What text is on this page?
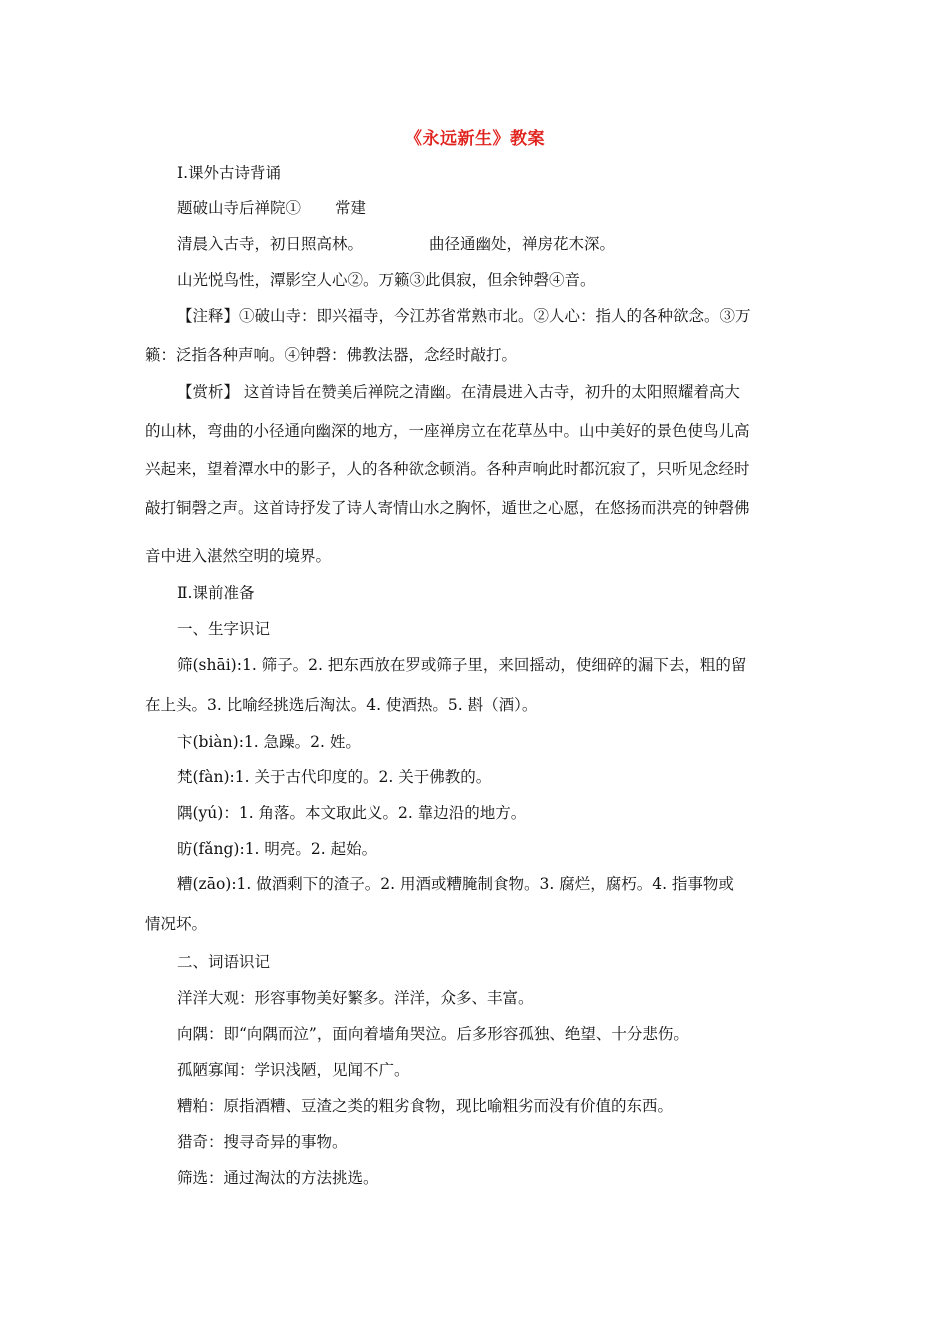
《永远新生》教案
Ⅰ.课外古诗背诵
题破山寺后禅院① 常建
清晨入古寺，初日照高林。	曲径通幽处，禅房花木深。
山光悦鸟性，潭影空人心②。万籁③此俱寂，但余钟磬④音。
【注释】①破山寺：即兴福寺，今江苏省常熟市北。②人心：指人的各种欲念。③万
籁：泛指各种声响。④钟磬：佛教法器，念经时敲打。
【赏析】 这首诗旨在赞美后禅院之清幽。在清晨进入古寺，初升的太阳照耀着高大
的山林，弯曲的小径通向幽深的地方，一座禅房立在花草丛中。山中美好的景色使鸟儿高
兴起来，望着潭水中的影子，人的各种欲念顿消。各种声响此时都沉寂了，只听见念经时
敲打铜磬之声。这首诗抒发了诗人寄情山水之胸怀，遁世之心愿，在悠扬而洪亮的钟磬佛
音中进入湛然空明的境界。
Ⅱ.课前准备
一、生字识记
筛(shāi):1. 筛子。2. 把东西放在罗或筛子里，来回摇动，使细碎的漏下去，粗的留
在上头。3. 比喻经挑选后淘汰。4. 使酒热。5. 斟（酒）。
卞(biàn):1. 急躁。2. 姓。
梵(fàn):1. 关于古代印度的。2. 关于佛教的。
隅(yú)：1. 角落。本文取此义。2. 靠边沿的地方。
昉(fǎng):1. 明亮。2. 起始。
糟(zāo):1. 做酒剩下的渣子。2. 用酒或糟腌制食物。3. 腐烂，腐朽。4. 指事物或
情况坏。
二、词语识记
洋洋大观：形容事物美好繁多。洋洋，众多、丰富。
向隅：即“向隅而泣”，面向着墙角哭泣。后多形容孤独、绝望、十分悲伤。
孤陋寡闻：学识浅陋，见闻不广。
糟粕：原指酒糟、豆渣之类的粗劣食物，现比喻粗劣而没有价值的东西。
猎奇：搜寻奇异的事物。
筛选：通过淘汰的方法挑选。
